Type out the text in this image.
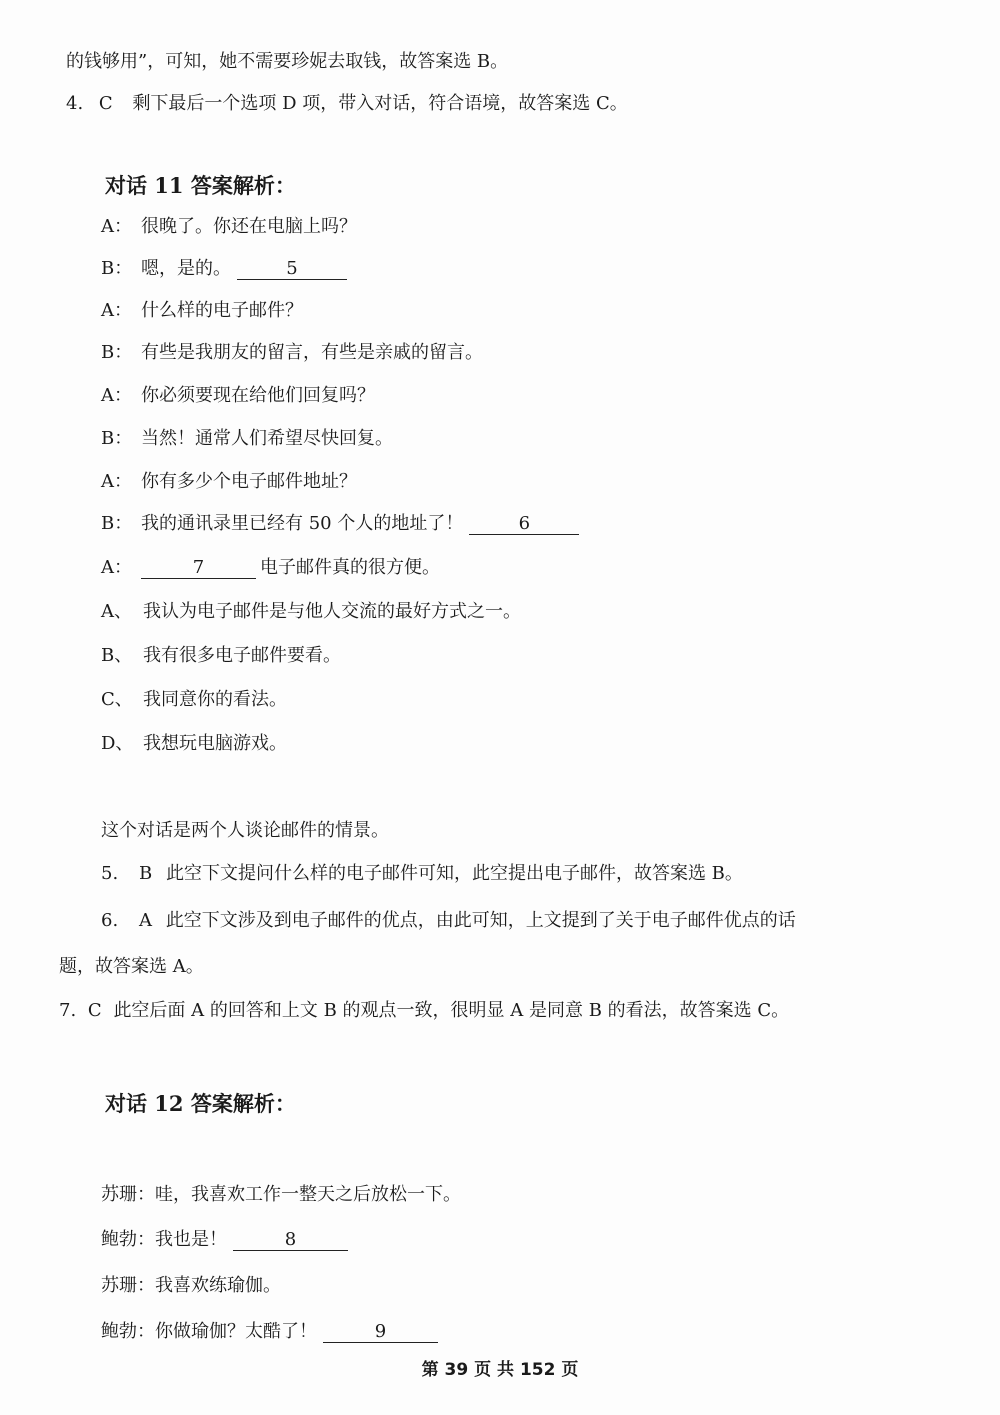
的钱够用”，可知，她不需要珍妮去取钱，故答案选 B。
4. C 剩下最后一个选项 D 项，带入对话，符合语境，故答案选 C。
对话 11 答案解析：
A： 很晚了。你还在电脑上吗？
B： 嗯，是的。	5
A： 什么样的电子邮件？
B： 有些是我朋友的留言，有些是亲戚的留言。
A： 你必须要现在给他们回复吗？
B： 当然！通常人们希望尽快回复。
A： 你有多少个电子邮件地址？
B： 我的通讯录里已经有 50 个人的地址了！	6
A：	7	电子邮件真的很方便。
A、 我认为电子邮件是与他人交流的最好方式之一。
B、 我有很多电子邮件要看。
C、 我同意你的看法。
D、 我想玩电脑游戏。
这个对话是两个人谈论邮件的情景。
5. B 此空下文提问什么样的电子邮件可知，此空提出电子邮件，故答案选 B。
6. A 此空下文涉及到电子邮件的优点，由此可知，上文提到了关于电子邮件优点的话
题，故答案选 A。
7. C 此空后面 A 的回答和上文 B 的观点一致，很明显 A 是同意 B 的看法，故答案选 C。
对话 12 答案解析：
苏珊：哇，我喜欢工作一整天之后放松一下。
鲍勃：我也是！	8
苏珊：我喜欢练瑜伽。
鲍勃：你做瑜伽？太酷了！	9
第 39 页 共 152 页
